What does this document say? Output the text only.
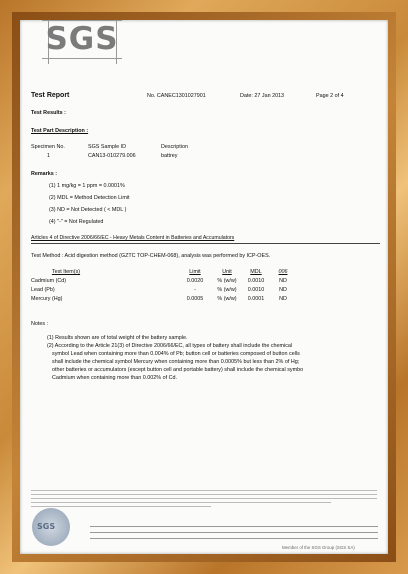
SGS
Test Report	No. CANEC1301027901	Date: 27 Jan 2013	Page 2 of 4
Test Results :
Test Part Description :
Specimen No.	SGS Sample ID	Description
1	CAN13-010279.006	battrey
Remarks :
(1) 1 mg/kg = 1 ppm = 0.0001%
(2) MDL = Method Detection Limit
(3) ND = Not Detected ( < MDL )
(4) "-" = Not Regulated
Articles 4 of Directive 2006/66/EC - Heavy Metals Content in Batteries and Accumulators
Test Method : Acid digestion method (GZTC TOP-CHEM-068), analysis was performed by ICP-OES.
Test Item(s)	Limit	Unit	MDL	006
Cadmium (Cd)	0.0020	% (w/w)	0.0010	ND
Lead (Pb)	-	% (w/w)	0.0010	ND
Mercury (Hg)	0.0005	% (w/w)	0.0001	ND
Notes :
(1) Results shown are of total weight of the battery sample.
(2) According to the Article 21(3) of Directive 2006/66/EC, all types of battery shall include the chemical
symbol Lead when containing more than 0.004% of Pb; button cell or batteries composed of button cells
shall include the chemical symbol Mercury when containing more than 0.0005% but less than 2% of Hg;
other batteries or accumulators (except button cell and portable battery) shall include the chemical symbo
Cadmium when containing more than 0.002% of Cd.
SGS
Member of the SGS Group (SGS SA)
